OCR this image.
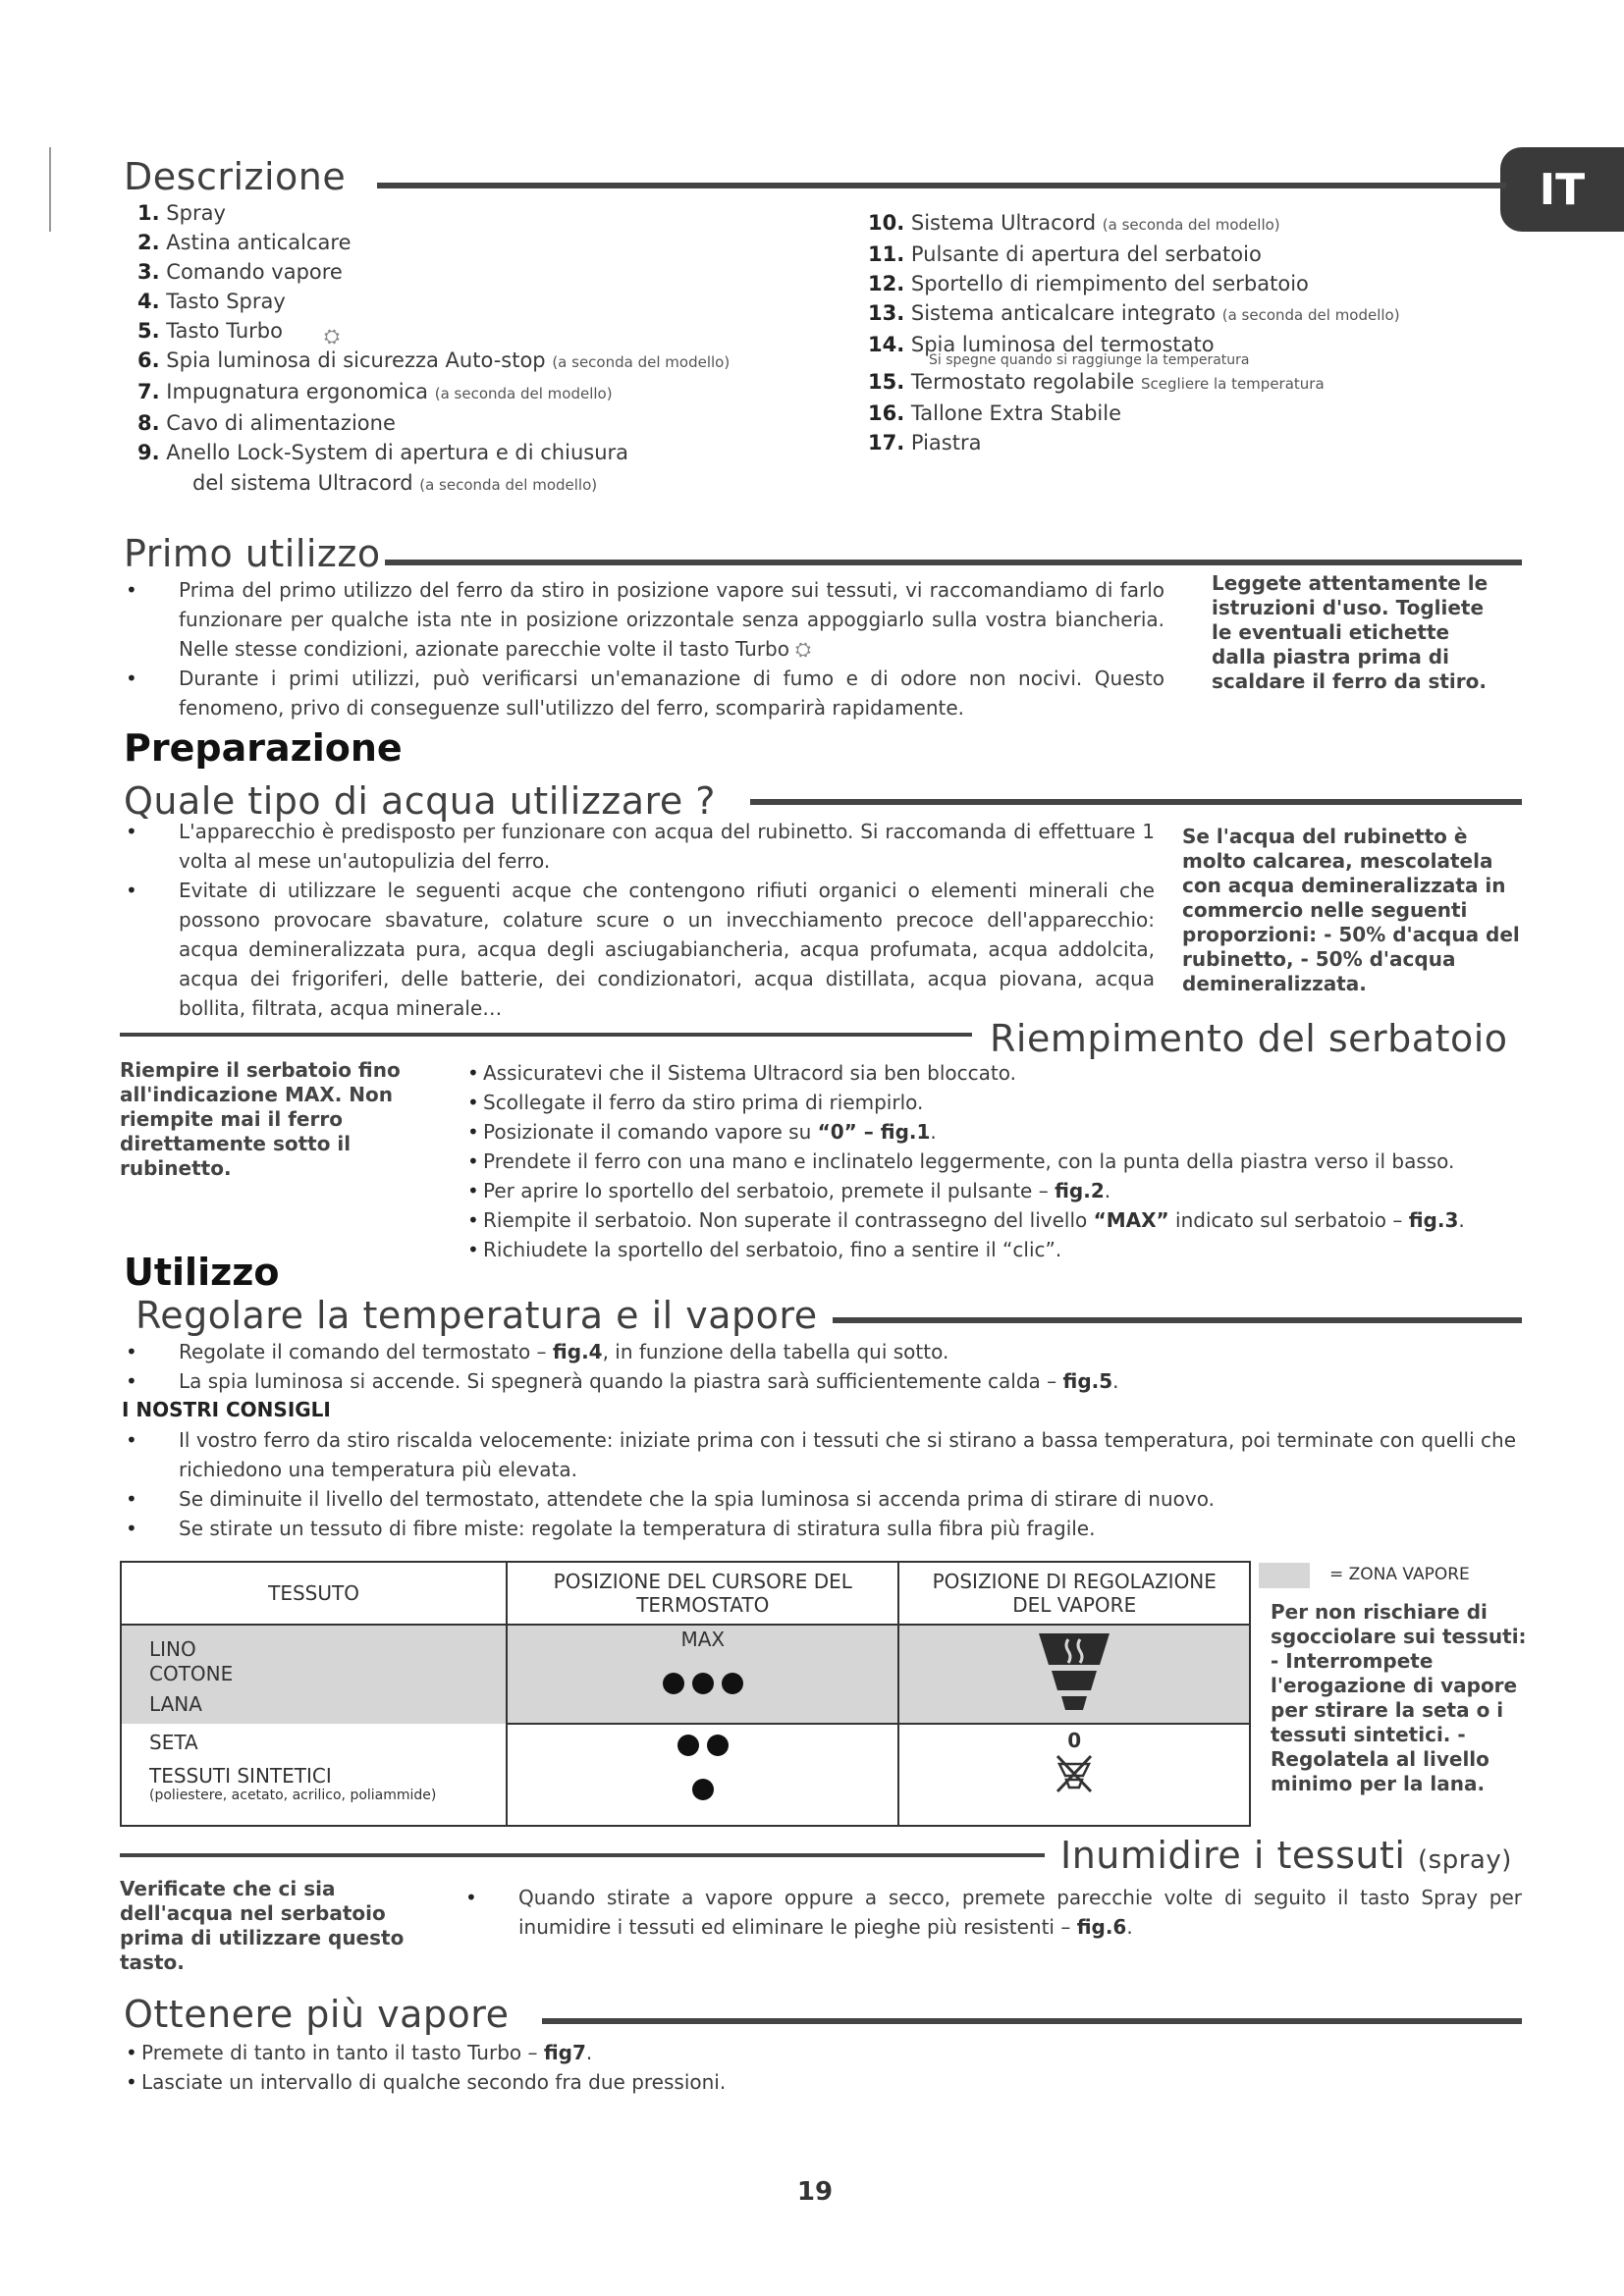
IT
Descrizione
1. Spray
2. Astina anticalcare
3. Comando vapore
4. Tasto Spray
5. Tasto Turbo
6. Spia luminosa di sicurezza Auto-stop (a seconda del modello)
7. Impugnatura ergonomica (a seconda del modello)
8. Cavo di alimentazione
9. Anello Lock-System di apertura e di chiusura
del sistema Ultracord (a seconda del modello)
⛭
10. Sistema Ultracord (a seconda del modello)
11. Pulsante di apertura del serbatoio
12. Sportello di riempimento del serbatoio
13. Sistema anticalcare integrato (a seconda del modello)
14. Spia luminosa del termostato
Si spegne quando si raggiunge la temperatura
15. Termostato regolabile Scegliere la temperatura
16. Tallone Extra Stabile
17. Piastra
Primo utilizzo
• Prima del primo utilizzo del ferro da stiro in posizione vapore sui tessuti, vi raccomandiamo di farlo funzionare per qualche ista nte in posizione orizzontale senza appoggiarlo sulla vostra biancheria. Nelle stesse condizioni, azionate parecchie volte il tasto Turbo ⛭
• Durante i primi utilizzi, può verificarsi un'emanazione di fumo e di odore non nocivi. Questo fenomeno, privo di conseguenze sull'utilizzo del ferro, scomparirà rapidamente.
Leggete attentamente le istruzioni d'uso. Togliete le eventuali etichette dalla piastra prima di scaldare il ferro da stiro.
Preparazione
Quale tipo di acqua utilizzare ?
• L'apparecchio è predisposto per funzionare con acqua del rubinetto. Si raccomanda di effettuare 1 volta al mese un'autopulizia del ferro.
• Evitate di utilizzare le seguenti acque che contengono rifiuti organici o elementi minerali che possono provocare sbavature, colature scure o un invecchiamento precoce dell'apparecchio: acqua demineralizzata pura, acqua degli asciugabiancheria, acqua profumata, acqua addolcita, acqua dei frigoriferi, delle batterie, dei condizionatori, acqua distillata, acqua piovana, acqua bollita, filtrata, acqua minerale…
Se l'acqua del rubinetto è molto calcarea, mescolatela con acqua demineralizzata in commercio nelle seguenti proporzioni: - 50% d'acqua del rubinetto, - 50% d'acqua demineralizzata.
Riempimento del serbatoio
Riempire il serbatoio fino all'indicazione MAX. Non riempite mai il ferro direttamente sotto il rubinetto.
• Assicuratevi che il Sistema Ultracord sia ben bloccato.
• Scollegate il ferro da stiro prima di riempirlo.
• Posizionate il comando vapore su “0” – fig.1.
• Prendete il ferro con una mano e inclinatelo leggermente, con la punta della piastra verso il basso.
• Per aprire lo sportello del serbatoio, premete il pulsante – fig.2.
• Riempite il serbatoio. Non superate il contrassegno del livello “MAX” indicato sul serbatoio – fig.3.
• Richiudete la sportello del serbatoio, fino a sentire il “clic”.
Utilizzo
Regolare la temperatura e il vapore
• Regolate il comando del termostato – fig.4, in funzione della tabella qui sotto.
• La spia luminosa si accende. Si spegnerà quando la piastra sarà sufficientemente calda – fig.5.
I NOSTRI CONSIGLI
• Il vostro ferro da stiro riscalda velocemente: iniziate prima con i tessuti che si stirano a bassa temperatura, poi terminate con quelli che richiedono una temperatura più elevata.
• Se diminuite il livello del termostato, attendete che la spia luminosa si accenda prima di stirare di nuovo.
• Se stirate un tessuto di fibre miste: regolate la temperatura di stiratura sulla fibra più fragile.
TESSUTO	POSIZIONE DEL CURSORE DEL TERMOSTATO	POSIZIONE DI REGOLAZIONE DEL VAPORE

LINO
COTONE
LANA	MAX

SETA
TESSUTI SINTETICI
(poliestere, acetato, acrilico, poliammide)		0
= ZONA VAPORE
Per non rischiare di sgocciolare sui tessuti: - Interrompete l'erogazione di vapore per stirare la seta o i tessuti sintetici. - Regolatela al livello minimo per la lana.
Inumidire i tessuti (spray)
Verificate che ci sia dell'acqua nel serbatoio prima di utilizzare questo tasto.
• Quando stirate a vapore oppure a secco, premete parecchie volte di seguito il tasto Spray per inumidire i tessuti ed eliminare le pieghe più resistenti – fig.6.
Ottenere più vapore
• Premete di tanto in tanto il tasto Turbo – fig7.
• Lasciate un intervallo di qualche secondo fra due pressioni.
19
